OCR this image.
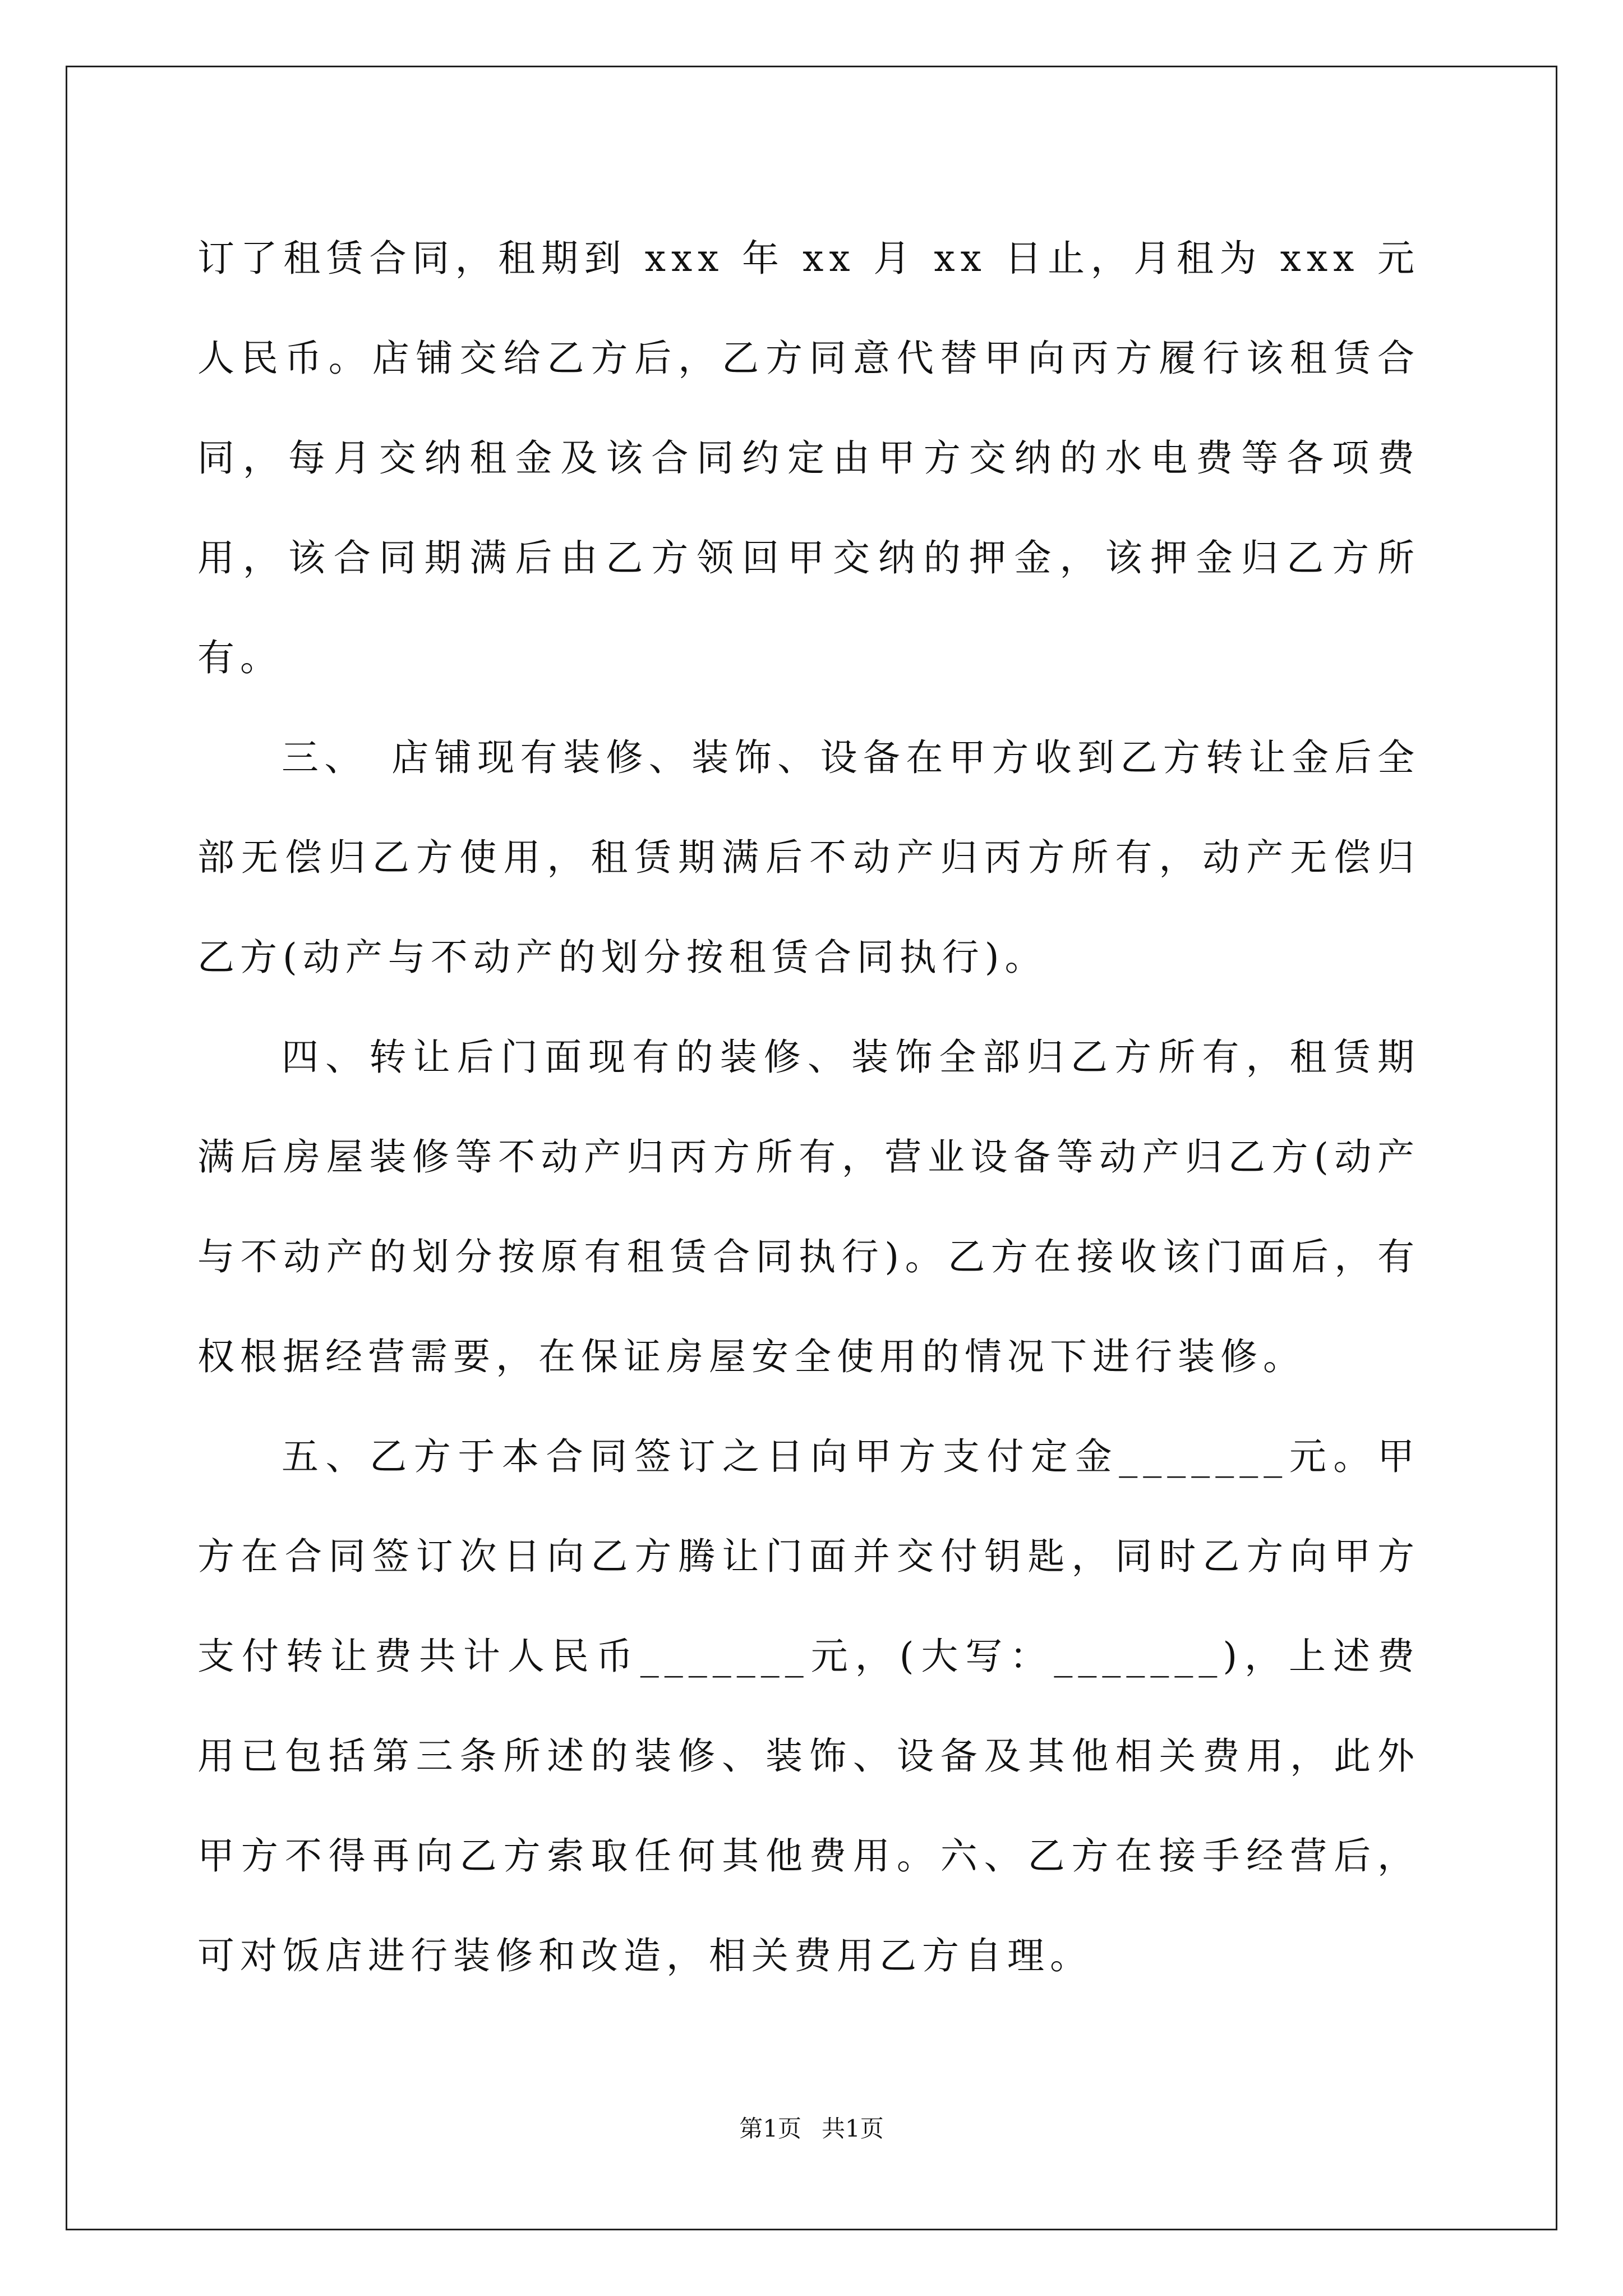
订了租赁合同，租期到 xxx 年 xx 月 xx 日止，月租为 xxx 元人民币。店铺交给乙方后，乙方同意代替甲向丙方履行该租赁合同，每月交纳租金及该合同约定由甲方交纳的水电费等各项费用，该合同期满后由乙方领回甲交纳的押金，该押金归乙方所有。

三、　店铺现有装修、装饰、设备在甲方收到乙方转让金后全部无偿归乙方使用，租赁期满后不动产归丙方所有，动产无偿归乙方(动产与不动产的划分按租赁合同执行)。

四、转让后门面现有的装修、装饰全部归乙方所有，租赁期满后房屋装修等不动产归丙方所有，营业设备等动产归乙方(动产与不动产的划分按原有租赁合同执行)。乙方在接收该门面后，有权根据经营需要，在保证房屋安全使用的情况下进行装修。

五、乙方于本合同签订之日向甲方支付定金_______元。甲方在合同签订次日向乙方腾让门面并交付钥匙，同时乙方向甲方支付转让费共计人民币_______元，(大写：_______)，上述费用已包括第三条所述的装修、装饰、设备及其他相关费用，此外甲方不得再向乙方索取任何其他费用。六、乙方在接手经营后，可对饭店进行装修和改造，相关费用乙方自理。

第1页 共1页
